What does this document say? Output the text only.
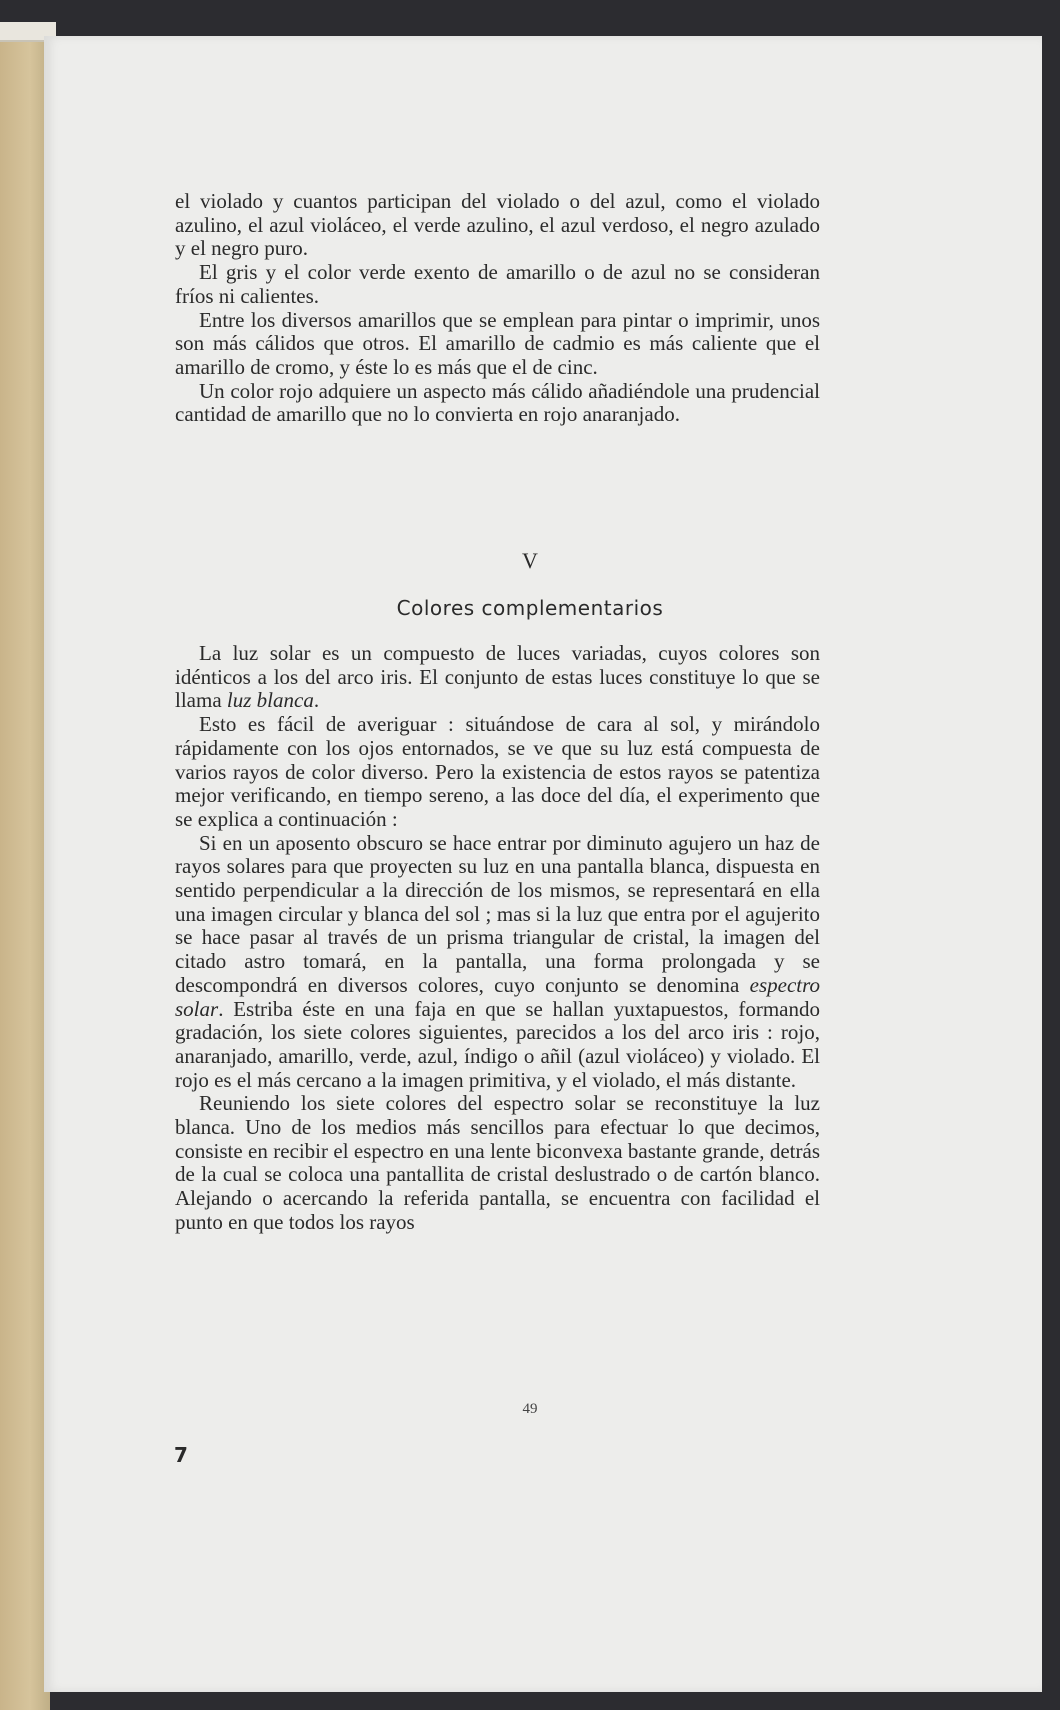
el violado y cuantos participan del violado o del azul, como el violado azulino, el azul violáceo, el verde azulino, el azul verdoso, el negro azulado y el negro puro.

El gris y el color verde exento de amarillo o de azul no se consideran fríos ni calientes.

Entre los diversos amarillos que se emplean para pintar o imprimir, unos son más cálidos que otros. El amarillo de cadmio es más caliente que el amarillo de cromo, y éste lo es más que el de cinc.

Un color rojo adquiere un aspecto más cálido añadiéndole una prudencial cantidad de amarillo que no lo convierta en rojo anaranjado.

V
Colores complementarios

La luz solar es un compuesto de luces variadas, cuyos colores son idénticos a los del arco iris. El conjunto de estas luces constituye lo que se llama luz blanca.

Esto es fácil de averiguar : situándose de cara al sol, y mirándolo rápidamente con los ojos entornados, se ve que su luz está compuesta de varios rayos de color diverso. Pero la existencia de estos rayos se patentiza mejor verificando, en tiempo sereno, a las doce del día, el experimento que se explica a continuación :

Si en un aposento obscuro se hace entrar por diminuto agujero un haz de rayos solares para que proyecten su luz en una pantalla blanca, dispuesta en sentido perpendicular a la dirección de los mismos, se representará en ella una imagen circular y blanca del sol ; mas si la luz que entra por el agujerito se hace pasar al través de un prisma triangular de cristal, la imagen del citado astro tomará, en la pantalla, una forma prolongada y se descompondrá en diversos colores, cuyo conjunto se denomina espectro solar. Estriba éste en una faja en que se hallan yuxtapuestos, formando gradación, los siete colores siguientes, parecidos a los del arco iris : rojo, anaranjado, amarillo, verde, azul, índigo o añil (azul violáceo) y violado. El rojo es el más cercano a la imagen primitiva, y el violado, el más distante.

Reuniendo los siete colores del espectro solar se reconstituye la luz blanca. Uno de los medios más sencillos para efectuar lo que decimos, consiste en recibir el espectro en una lente biconvexa bastante grande, detrás de la cual se coloca una pantallita de cristal deslustrado o de cartón blanco. Alejando o acercando la referida pantalla, se encuentra con facilidad el punto en que todos los rayos

49
7
